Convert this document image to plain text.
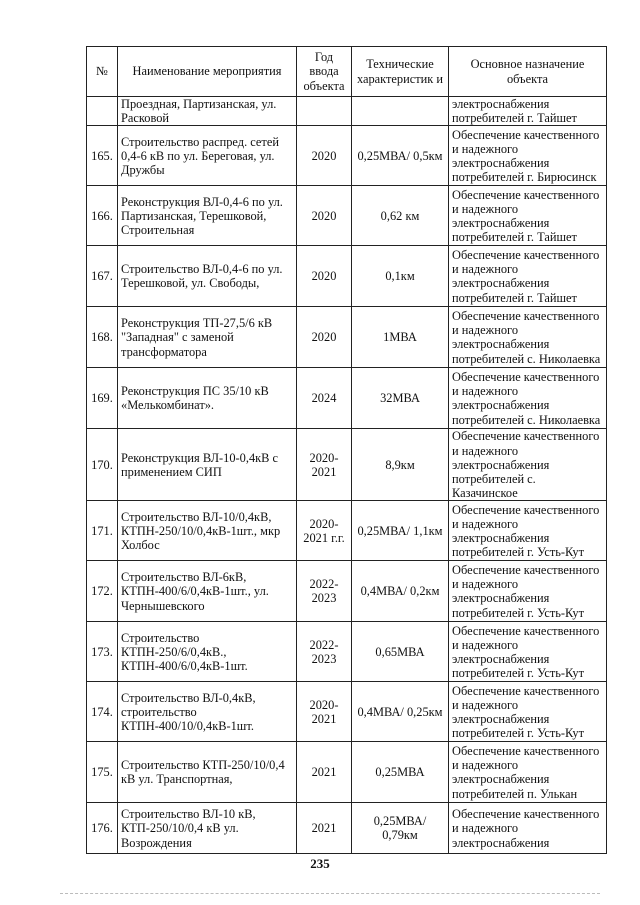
№	Наименование мероприятия	Год ввода объекта	Технические характеристик и	Основное назначение объекта
	Проездная, Партизанская, ул. Расковой			электроснабжения потребителей г. Тайшет
165.	Строительство распред. сетей 0,4-6 кВ по ул. Береговая, ул. Дружбы	2020	0,25МВА/ 0,5км	Обеспечение качественного и надежного электроснабжения потребителей г. Бирюсинск
166.	Реконструкция ВЛ-0,4-6 по ул. Партизанская, Терешковой, Строительная	2020	0,62 км	Обеспечение качественного и надежного электроснабжения потребителей г. Тайшет
167.	Строительство ВЛ-0,4-6 по ул. Терешковой, ул. Свободы,	2020	0,1км	Обеспечение качественного и надежного электроснабжения потребителей г. Тайшет
168.	Реконструкция ТП-27,5/6 кВ "Западная" с заменой трансформатора	2020	1МВА	Обеспечение качественного и надежного электроснабжения потребителей с. Николаевка
169.	Реконструкция ПС 35/10 кВ «Мелькомбинат».	2024	32МВА	Обеспечение качественного и надежного электроснабжения потребителей с. Николаевка
170.	Реконструкция ВЛ-10-0,4кВ с применением СИП	2020-2021	8,9км	Обеспечение качественного и надежного электроснабжения потребителей с. Казачинское
171.	Строительство ВЛ-10/0,4кВ, КТПН-250/10/0,4кВ-1шт., мкр Холбос	2020-2021 г.г.	0,25МВА/ 1,1км	Обеспечение качественного и надежного электроснабжения потребителей г. Усть-Кут
172.	Строительство ВЛ-6кВ, КТПН-400/6/0,4кВ-1шт., ул. Чернышевского	2022-2023	0,4МВА/ 0,2км	Обеспечение качественного и надежного электроснабжения потребителей г. Усть-Кут
173.	Строительство КТПН-250/6/0,4кВ., КТПН-400/6/0,4кВ-1шт.	2022-2023	0,65МВА	Обеспечение качественного и надежного электроснабжения потребителей г. Усть-Кут
174.	Строительство ВЛ-0,4кВ, строительство КТПН-400/10/0,4кВ-1шт.	2020-2021	0,4МВА/ 0,25км	Обеспечение качественного и надежного электроснабжения потребителей г. Усть-Кут
175.	Строительство КТП-250/10/0,4 кВ ул. Транспортная,	2021	0,25МВА	Обеспечение качественного и надежного электроснабжения потребителей п. Улькан
176.	Строительство ВЛ-10 кВ, КТП-250/10/0,4 кВ ул. Возрождения	2021	0,25МВА/ 0,79км	Обеспечение качественного и надежного электроснабжения
235
